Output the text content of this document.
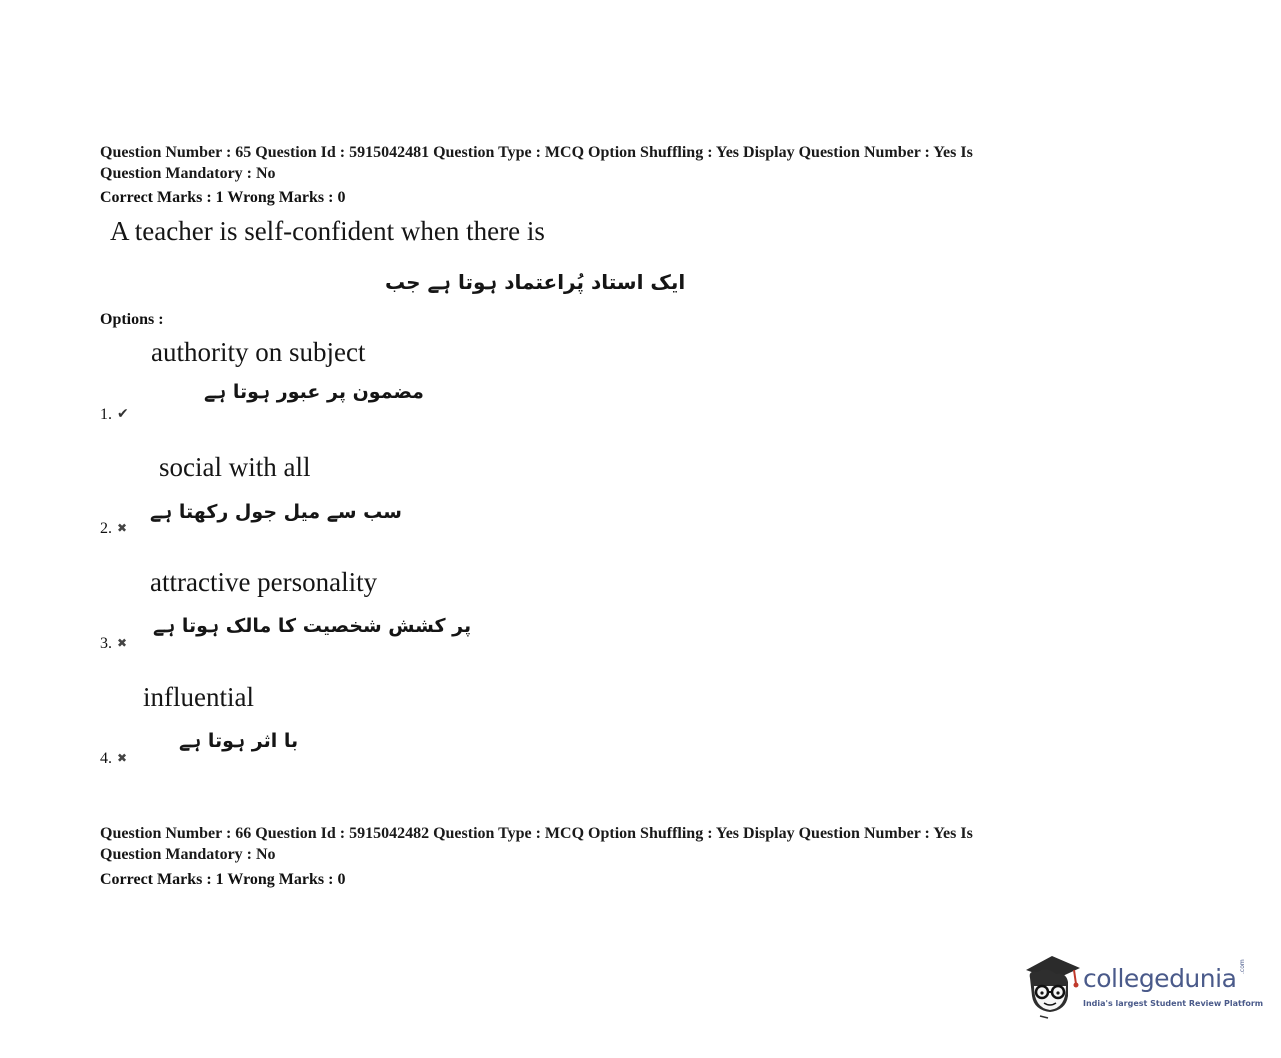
Question Number : 65 Question Id : 5915042481 Question Type : MCQ Option Shuffling : Yes Display Question Number : Yes Is
Question Mandatory : No
Correct Marks : 1 Wrong Marks : 0
A teacher is self-confident when there is
ایک استاد پُراعتماد ہوتا ہے جب
Options :
authority on subject
مضمون پر عبور ہوتا ہے
1. ✔
social with all
سب سے میل جول رکھتا ہے
2. ✖
attractive personality
پر کشش شخصیت کا مالک ہوتا ہے
3. ✖
influential
با اثر ہوتا ہے
4. ✖
Question Number : 66 Question Id : 5915042482 Question Type : MCQ Option Shuffling : Yes Display Question Number : Yes Is
Question Mandatory : No
Correct Marks : 1 Wrong Marks : 0
collegedunia .com
India's largest Student Review Platform
